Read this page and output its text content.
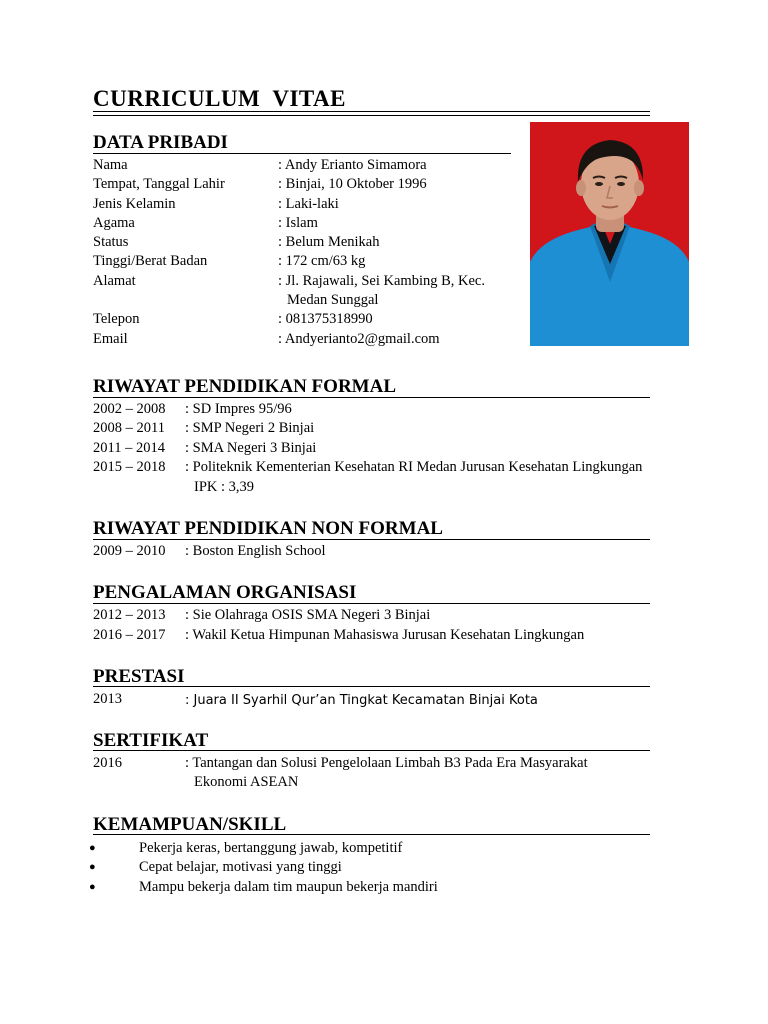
CURRICULUM  VITAE
DATA PRIBADI
Nama	: Andy Erianto Simamora
Tempat, Tanggal Lahir	: Binjai, 10 Oktober 1996
Jenis Kelamin	: Laki-laki
Agama	: Islam
Status	: Belum Menikah
Tinggi/Berat Badan	: 172 cm/63 kg
Alamat	: Jl. Rajawali, Sei Kambing B, Kec.
Medan Sunggal
Telepon	: 081375318990
Email	: Andyerianto2@gmail.com
RIWAYAT PENDIDIKAN FORMAL
2002 – 2008 : SD Impres 95/96
2008 – 2011 : SMP Negeri 2 Binjai
2011 – 2014 : SMA Negeri 3 Binjai
2015 – 2018 : Politeknik Kementerian Kesehatan RI Medan Jurusan Kesehatan Lingkungan
IPK : 3,39
RIWAYAT PENDIDIKAN NON FORMAL
2009 – 2010 : Boston English School
PENGALAMAN ORGANISASI
2012 – 2013 : Sie Olahraga OSIS SMA Negeri 3 Binjai
2016 – 2017 : Wakil Ketua Himpunan Mahasiswa Jurusan Kesehatan Lingkungan
PRESTASI
2013	: Juara II Syarhil Qur’an Tingkat Kecamatan Binjai Kota
SERTIFIKAT
2016	: Tantangan dan Solusi Pengelolaan Limbah B3 Pada Era Masyarakat
Ekonomi ASEAN
KEMAMPUAN/SKILL
●	Pekerja keras, bertanggung jawab, kompetitif
●	Cepat belajar, motivasi yang tinggi
●	Mampu bekerja dalam tim maupun bekerja mandiri
